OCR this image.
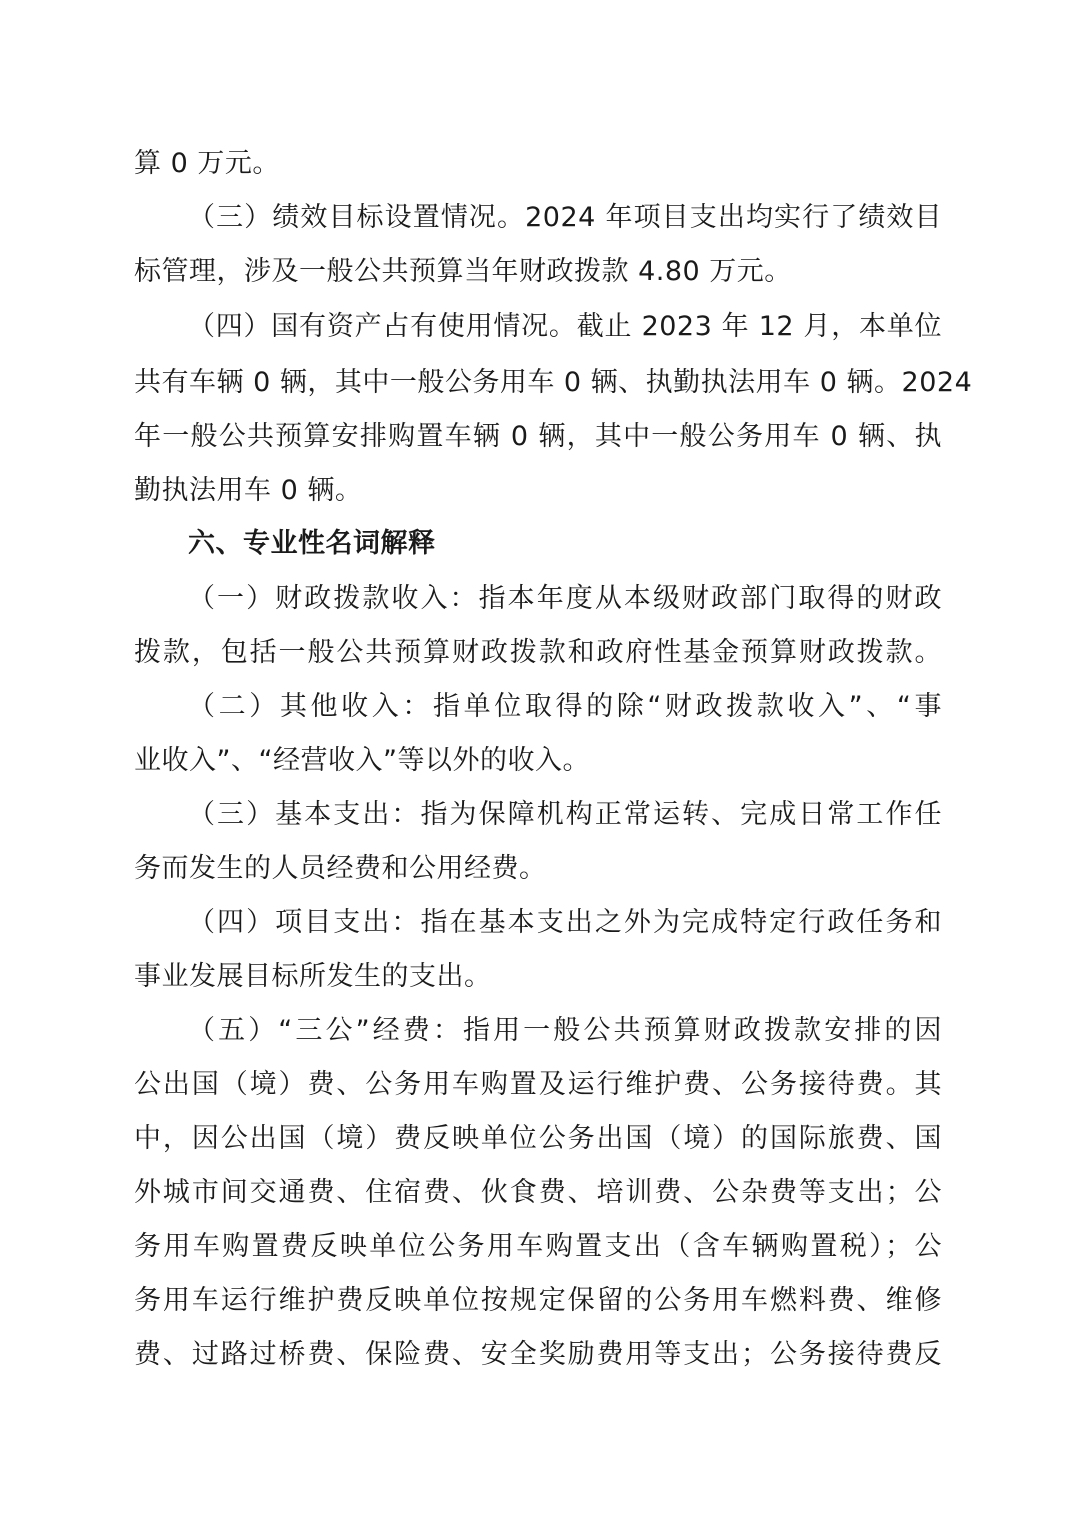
算 0 万元。
（三）绩效目标设置情况。2024 年项目支出均实行了绩效目
标管理，涉及一般公共预算当年财政拨款 4.80 万元。
（四）国有资产占有使用情况。截止 2023 年 12 月，本单位
共有车辆 0 辆，其中一般公务用车 0 辆、执勤执法用车 0 辆。2024
年一般公共预算安排购置车辆 0 辆，其中一般公务用车 0 辆、执
勤执法用车 0 辆。
六、专业性名词解释
（一）财政拨款收入：指本年度从本级财政部门取得的财政
拨款，包括一般公共预算财政拨款和政府性基金预算财政拨款。
（二）其他收入：指单位取得的除“财政拨款收入”、“事
业收入”、“经营收入”等以外的收入。
（三）基本支出：指为保障机构正常运转、完成日常工作任
务而发生的人员经费和公用经费。
（四）项目支出：指在基本支出之外为完成特定行政任务和
事业发展目标所发生的支出。
（五）“三公”经费：指用一般公共预算财政拨款安排的因
公出国（境）费、公务用车购置及运行维护费、公务接待费。其
中，因公出国（境）费反映单位公务出国（境）的国际旅费、国
外城市间交通费、住宿费、伙食费、培训费、公杂费等支出；公
务用车购置费反映单位公务用车购置支出（含车辆购置税）；公
务用车运行维护费反映单位按规定保留的公务用车燃料费、维修
费、过路过桥费、保险费、安全奖励费用等支出；公务接待费反
